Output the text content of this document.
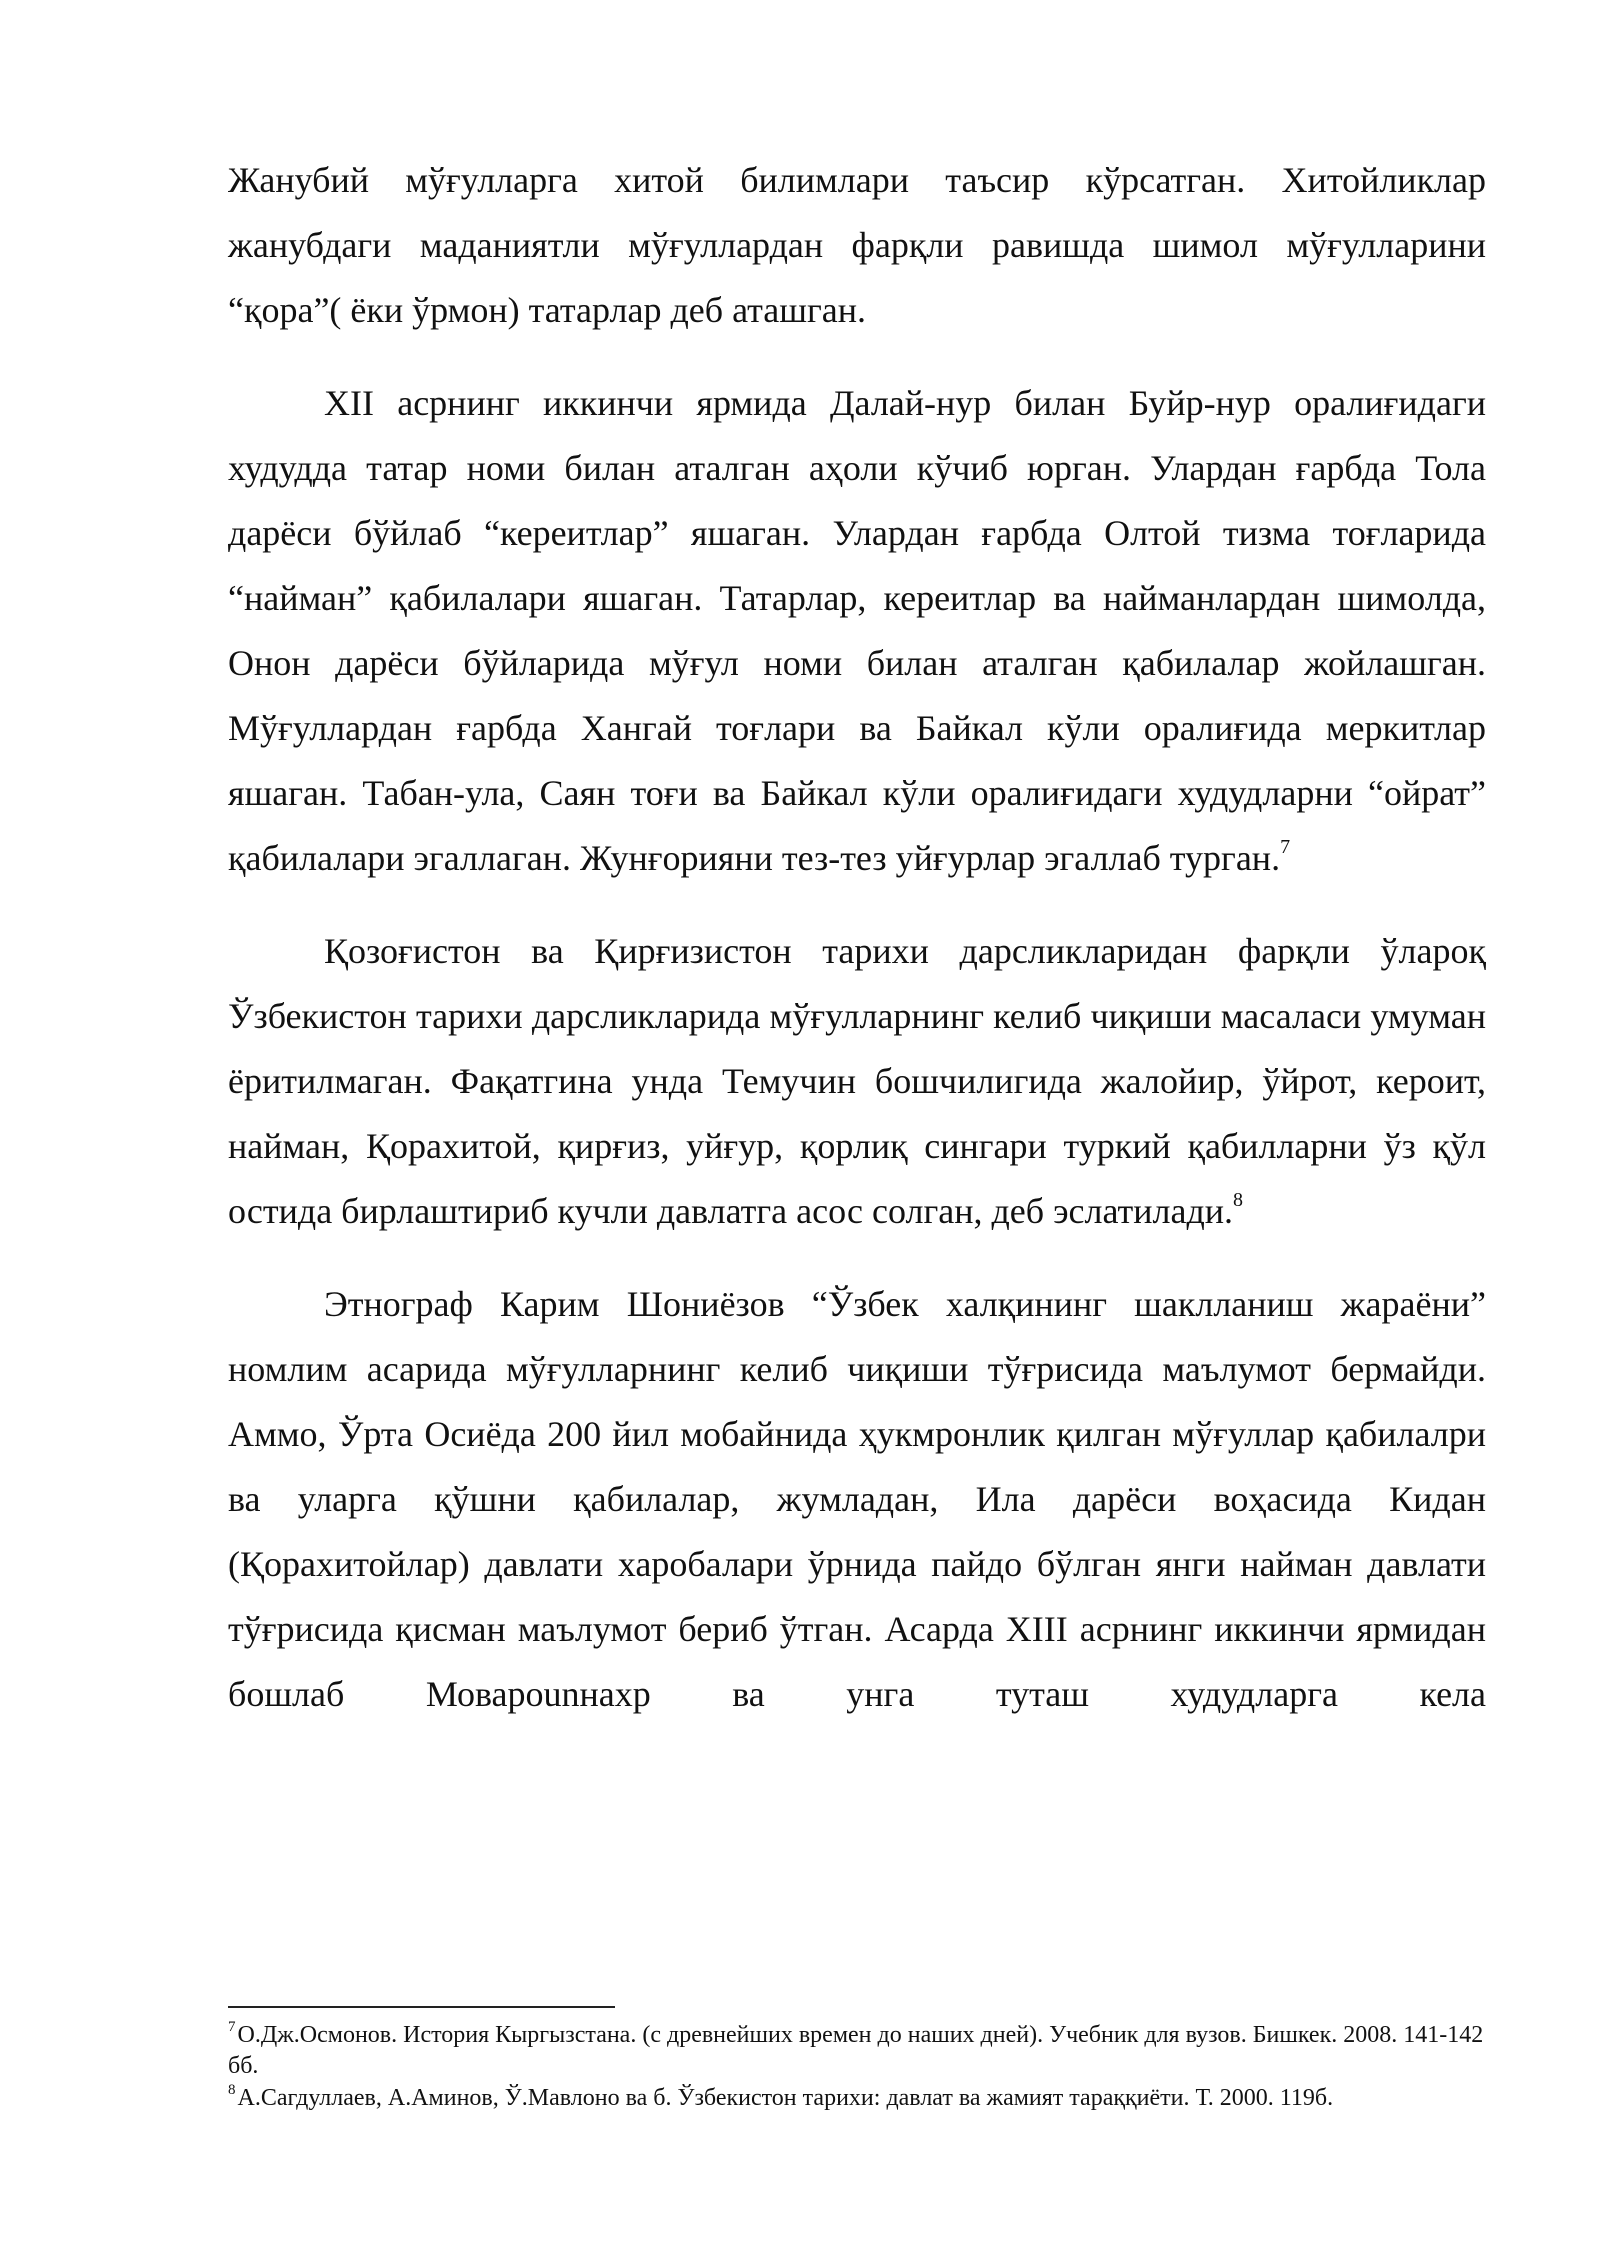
Жанубий мўғулларга хитой билимлари таъсир кўрсатган. Хитойликлар жанубдаги маданиятли мўғуллардан фарқли равишда шимол мўғулларини “қора”( ёки ўрмон) татарлар деб аташган.

XII асрнинг иккинчи ярмида Далай-нур билан Буйр-нур оралиғидаги худудда татар номи билан аталган аҳоли кўчиб юрган. Улардан ғарбда Тола дарёси бўйлаб “кереитлар” яшаган. Улардан ғарбда Олтой тизма тоғларида “найман” қабилалари яшаган. Татарлар, кереитлар ва найманлардан шимолда, Онон дарёси бўйларида мўғул номи билан аталган қабилалар жойлашган. Мўғуллардан ғарбда Хангай тоғлари ва Байкал кўли оралиғида меркитлар яшаган. Табан-ула, Саян тоғи ва Байкал кўли оралиғидаги худудларни “ойрат” қабилалари эгаллаган. Жунғорияни тез-тез уйғурлар эгаллаб турган.$^7$

Қозоғистон ва Қирғизистон тарихи дарсликларидан фарқли ўлароқ Ўзбекистон тарихи дарсликларида мўғулларнинг келиб чиқиши масаласи умуман ёритилмаган. Фақатгина унда Темучин бошчилигида жалойир, ўйрот, кероит, найман, Қорахитой, қирғиз, уйғур, қорлиқ сингари туркий қабилларни ўз қўл остида бирлаштириб кучли давлатга асос солган, деб эслатилади.$^8$

Этнограф Карим Шониёзов “Ўзбек халқининг шаклланиш жараёни” номлим асарида мўғулларнинг келиб чиқиши тўғрисида маълумот бермайди. Аммо, Ўрта Осиёда 200 йил мобайнида ҳукмронлик қилган мўғуллар қабилалри ва уларга қўшни қабилалар, жумладан, Ила дарёси воҳасида Кидан (Қорахитойлар) давлати харобалари ўрнида пайдо бўлган янги найман давлати тўғрисида қисман маълумот бериб ўтган. Асарда XIII асрнинг иккинчи ярмидан бошлаб Моварounнахр ва унга туташ худудларга кела

$^7$О.Дж.Осмонов. История Кыргызстана. (с древнейших времен до наших дней). Учебник для вузов. Бишкек. 2008. 141-142 бб.
$^8$А.Сагдуллаев, А.Аминов, Ў.Мавлоно ва б. Ўзбекистон тарихи: давлат ва жамият тараққиёти. Т. 2000. 119б.
